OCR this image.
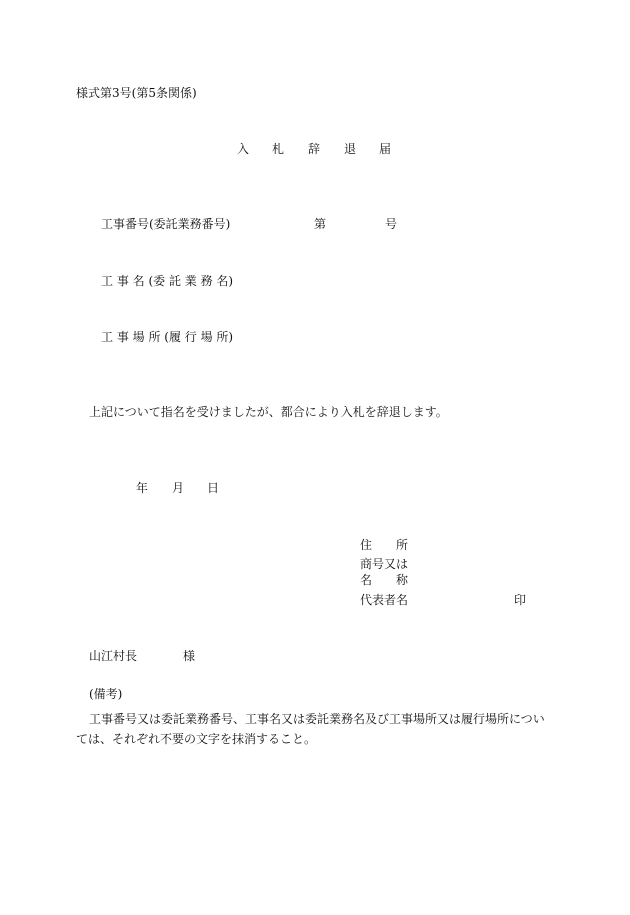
様式第3号(第5条関係)
入 札 辞 退 届
工事番号(委託業務番号)	第	号
工 事 名 (委 託 業 務 名)
工 事 場 所 (履 行 場 所)
上記について指名を受けましたが、都合により入札を辞退します。
年 月 日
住 所
商号又は
名 称
代表者名	印
山江村長	様
(備考)
工事番号又は委託業務番号、工事名又は委託業務名及び工事場所又は履行場所については、それぞれ不要の文字を抹消すること。
